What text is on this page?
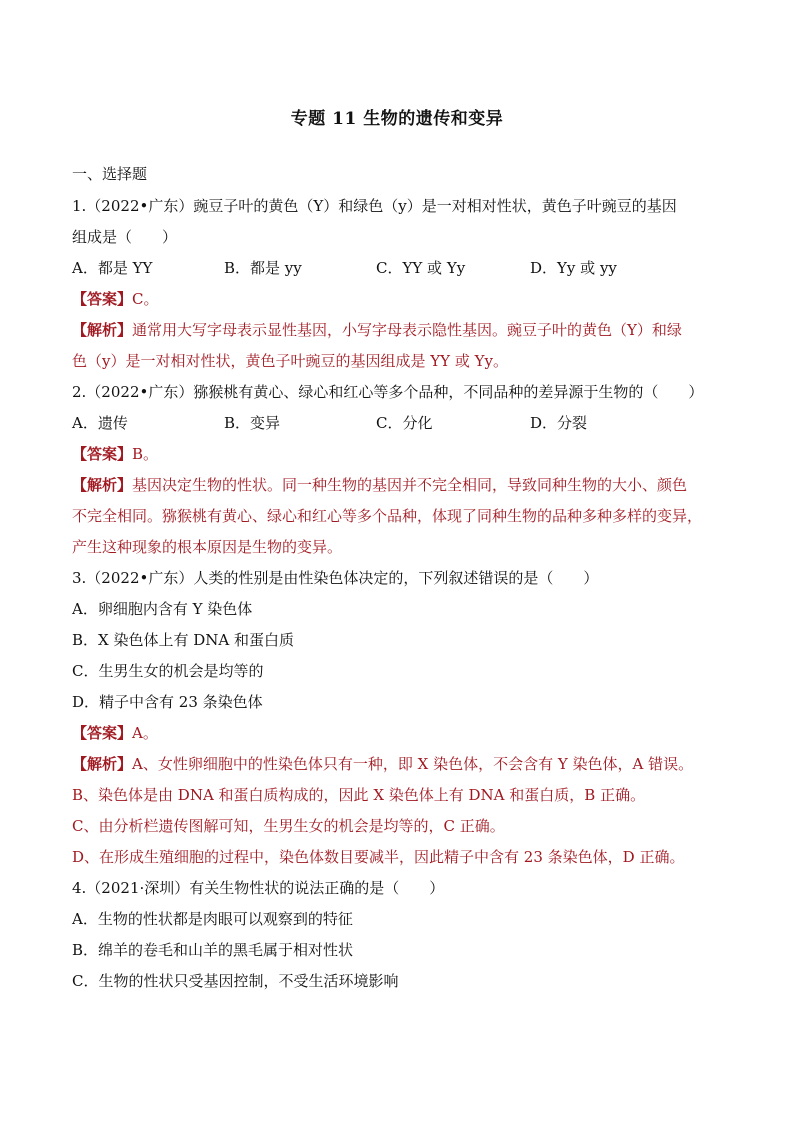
专题 11 生物的遗传和变异
一、选择题
1.（2022•广东）豌豆子叶的黄色（Y）和绿色（y）是一对相对性状，黄色子叶豌豆的基因
组成是（　　）
A．都是 YY	B．都是 yy	C．YY 或 Yy	D．Yy 或 yy
【答案】C。
【解析】通常用大写字母表示显性基因，小写字母表示隐性基因。豌豆子叶的黄色（Y）和绿
色（y）是一对相对性状，黄色子叶豌豆的基因组成是 YY 或 Yy。
2.（2022•广东）猕猴桃有黄心、绿心和红心等多个品种，不同品种的差异源于生物的（　　）
A．遗传	B．变异	C．分化	D．分裂
【答案】B。
【解析】基因决定生物的性状。同一种生物的基因并不完全相同，导致同种生物的大小、颜色
不完全相同。猕猴桃有黄心、绿心和红心等多个品种，体现了同种生物的品种多种多样的变异，
产生这种现象的根本原因是生物的变异。
3.（2022•广东）人类的性别是由性染色体决定的，下列叙述错误的是（　　）
A．卵细胞内含有 Y 染色体
B．X 染色体上有 DNA 和蛋白质
C．生男生女的机会是均等的
D．精子中含有 23 条染色体
【答案】A。
【解析】A、女性卵细胞中的性染色体只有一种，即 X 染色体，不会含有 Y 染色体，A 错误。
B、染色体是由 DNA 和蛋白质构成的，因此 X 染色体上有 DNA 和蛋白质，B 正确。
C、由分析栏遗传图解可知，生男生女的机会是均等的，C 正确。
D、在形成生殖细胞的过程中，染色体数目要减半，因此精子中含有 23 条染色体，D 正确。
4.（2021·深圳）有关生物性状的说法正确的是（　　）
A．生物的性状都是肉眼可以观察到的特征
B．绵羊的卷毛和山羊的黑毛属于相对性状
C．生物的性状只受基因控制，不受生活环境影响
